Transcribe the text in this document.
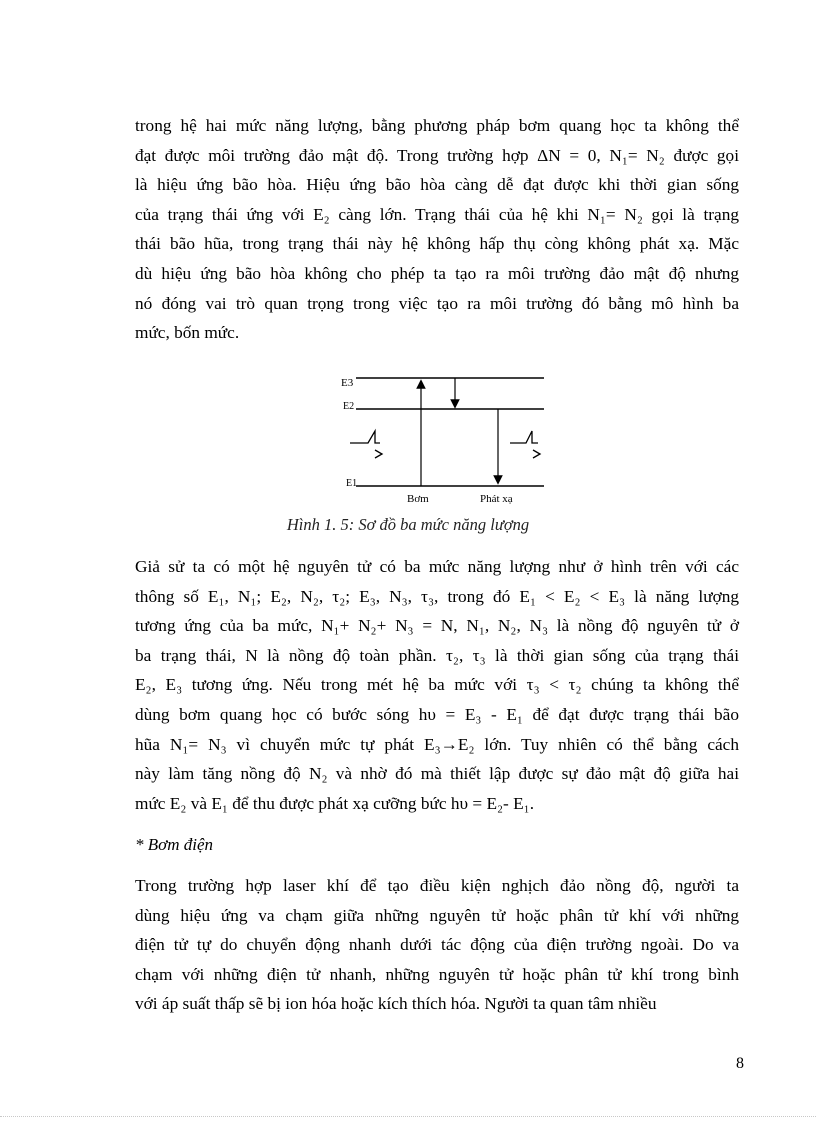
trong hệ hai mức năng lượng, bằng phương pháp bơm quang học ta không thể
đạt được môi trường đảo mật độ. Trong trường hợp ΔN = 0, N₁= N₂ được gọi
là hiệu ứng bão hòa. Hiệu ứng bão hòa càng dễ đạt được khi thời gian sống
của trạng thái ứng với E₂ càng lớn. Trạng thái của hệ khi N₁= N₂ gọi là trạng
thái bão hũa, trong trạng thái này hệ không hấp thụ còng không phát xạ. Mặc
dù hiệu ứng bão hòa không cho phép ta tạo ra môi trường đảo mật độ nhưng
nó đóng vai trò quan trọng trong việc tạo ra môi trường đó bằng mô hình ba
mức, bốn mức.

E3
E2
E1
Bơm	Phát xạ
Hình 1. 5: Sơ đồ ba mức năng lượng

Giả sử ta có một hệ nguyên tử có ba mức năng lượng như ở hình trên với các
thông số E₁, N₁; E₂, N₂, τ₂; E₃, N₃, τ₃, trong đó E₁ < E₂ < E₃ là năng lượng
tương ứng của ba mức, N₁+ N₂+ N₃ = N, N₁, N₂, N₃ là nồng độ nguyên tử ở
ba trạng thái, N là nồng độ toàn phần. τ₂, τ₃ là thời gian sống của trạng thái
E₂, E₃ tương ứng. Nếu trong mét hệ ba mức với τ₃ < τ₂ chúng ta không thể
dùng bơm quang học có bước sóng hυ = E₃ - E₁ để đạt được trạng thái bão
hũa N₁= N₃ vì chuyển mức tự phát E₃→E₂ lớn. Tuy nhiên có thể bằng cách
này làm tăng nồng độ N₂ và nhờ đó mà thiết lập được sự đảo mật độ giữa hai
mức E₂ và E₁ để thu được phát xạ cưỡng bức hυ = E₂- E₁.

* Bơm điện

Trong trường hợp laser khí để tạo điều kiện nghịch đảo nồng độ, người ta
dùng hiệu ứng va chạm giữa những nguyên tử hoặc phân tử khí với những
điện tử tự do chuyển động nhanh dưới tác động của điện trường ngoài. Do va
chạm với những điện tử nhanh, những nguyên tử hoặc phân tử khí trong bình
với áp suất thấp sẽ bị ion hóa hoặc kích thích hóa. Người ta quan tâm nhiều

8
